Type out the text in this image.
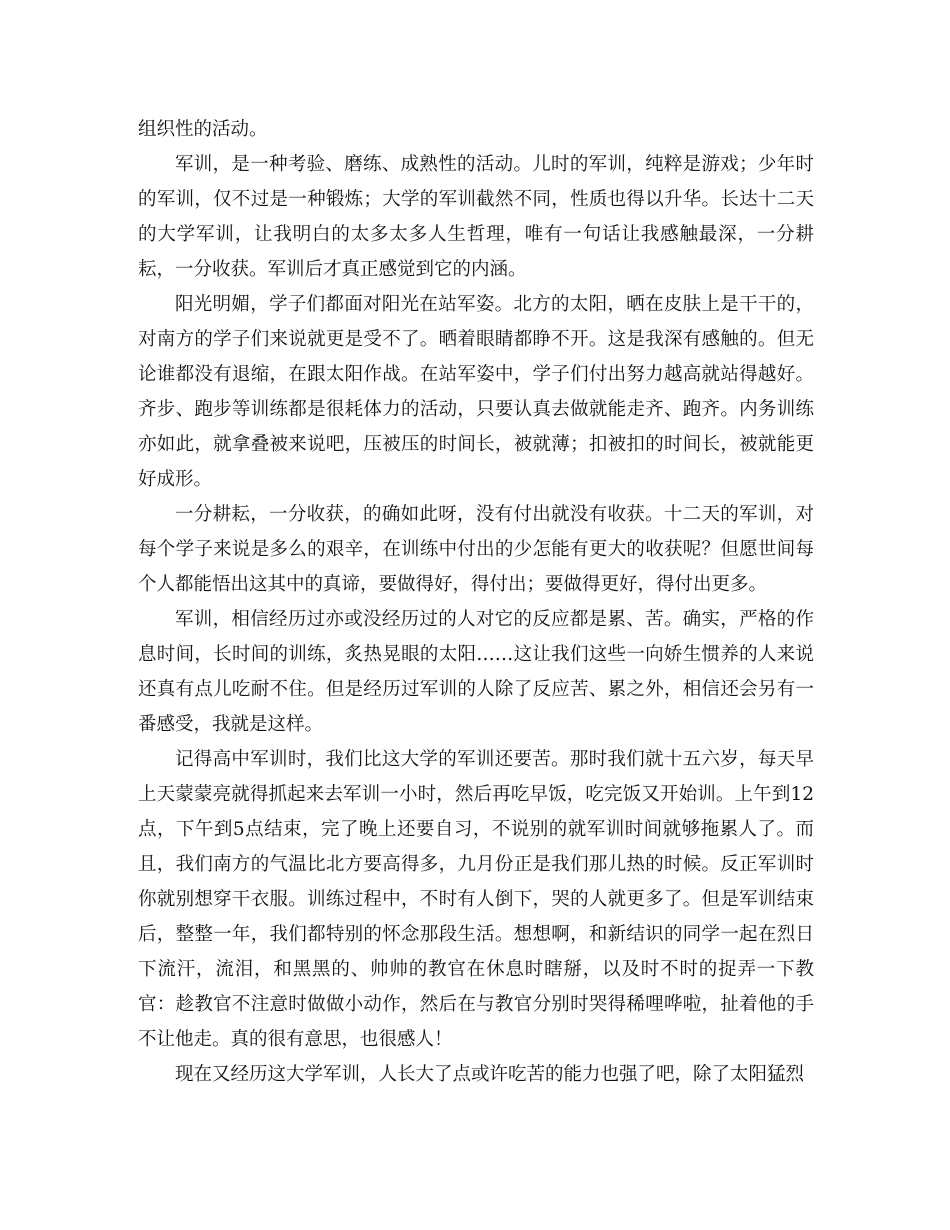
组织性的活动。

军训，是一种考验、磨练、成熟性的活动。儿时的军训，纯粹是游戏；少年时的军训，仅不过是一种锻炼；大学的军训截然不同，性质也得以升华。长达十二天的大学军训，让我明白的太多太多人生哲理，唯有一句话让我感触最深，一分耕耘，一分收获。军训后才真正感觉到它的内涵。

阳光明媚，学子们都面对阳光在站军姿。北方的太阳，晒在皮肤上是干干的，对南方的学子们来说就更是受不了。晒着眼睛都睁不开。这是我深有感触的。但无论谁都没有退缩，在跟太阳作战。在站军姿中，学子们付出努力越高就站得越好。齐步、跑步等训练都是很耗体力的活动，只要认真去做就能走齐、跑齐。内务训练亦如此，就拿叠被来说吧，压被压的时间长，被就薄；扣被扣的时间长，被就能更好成形。

一分耕耘，一分收获，的确如此呀，没有付出就没有收获。十二天的军训，对每个学子来说是多么的艰辛，在训练中付出的少怎能有更大的收获呢？但愿世间每个人都能悟出这其中的真谛，要做得好，得付出；要做得更好，得付出更多。

军训，相信经历过亦或没经历过的人对它的反应都是累、苦。确实，严格的作息时间，长时间的训练，炙热晃眼的太阳……这让我们这些一向娇生惯养的人来说还真有点儿吃耐不住。但是经历过军训的人除了反应苦、累之外，相信还会另有一番感受，我就是这样。

记得高中军训时，我们比这大学的军训还要苦。那时我们就十五六岁，每天早上天蒙蒙亮就得抓起来去军训一小时，然后再吃早饭，吃完饭又开始训。上午到12点，下午到5点结束，完了晚上还要自习，不说别的就军训时间就够拖累人了。而且，我们南方的气温比北方要高得多，九月份正是我们那儿热的时候。反正军训时你就别想穿干衣服。训练过程中，不时有人倒下，哭的人就更多了。但是军训结束后，整整一年，我们都特别的怀念那段生活。想想啊，和新结识的同学一起在烈日下流汗，流泪，和黑黑的、帅帅的教官在休息时瞎掰，以及时不时的捉弄一下教官：趁教官不注意时做做小动作，然后在与教官分别时哭得稀哩哗啦，扯着他的手不让他走。真的很有意思，也很感人！

现在又经历这大学军训，人长大了点或许吃苦的能力也强了吧，除了太阳猛烈
